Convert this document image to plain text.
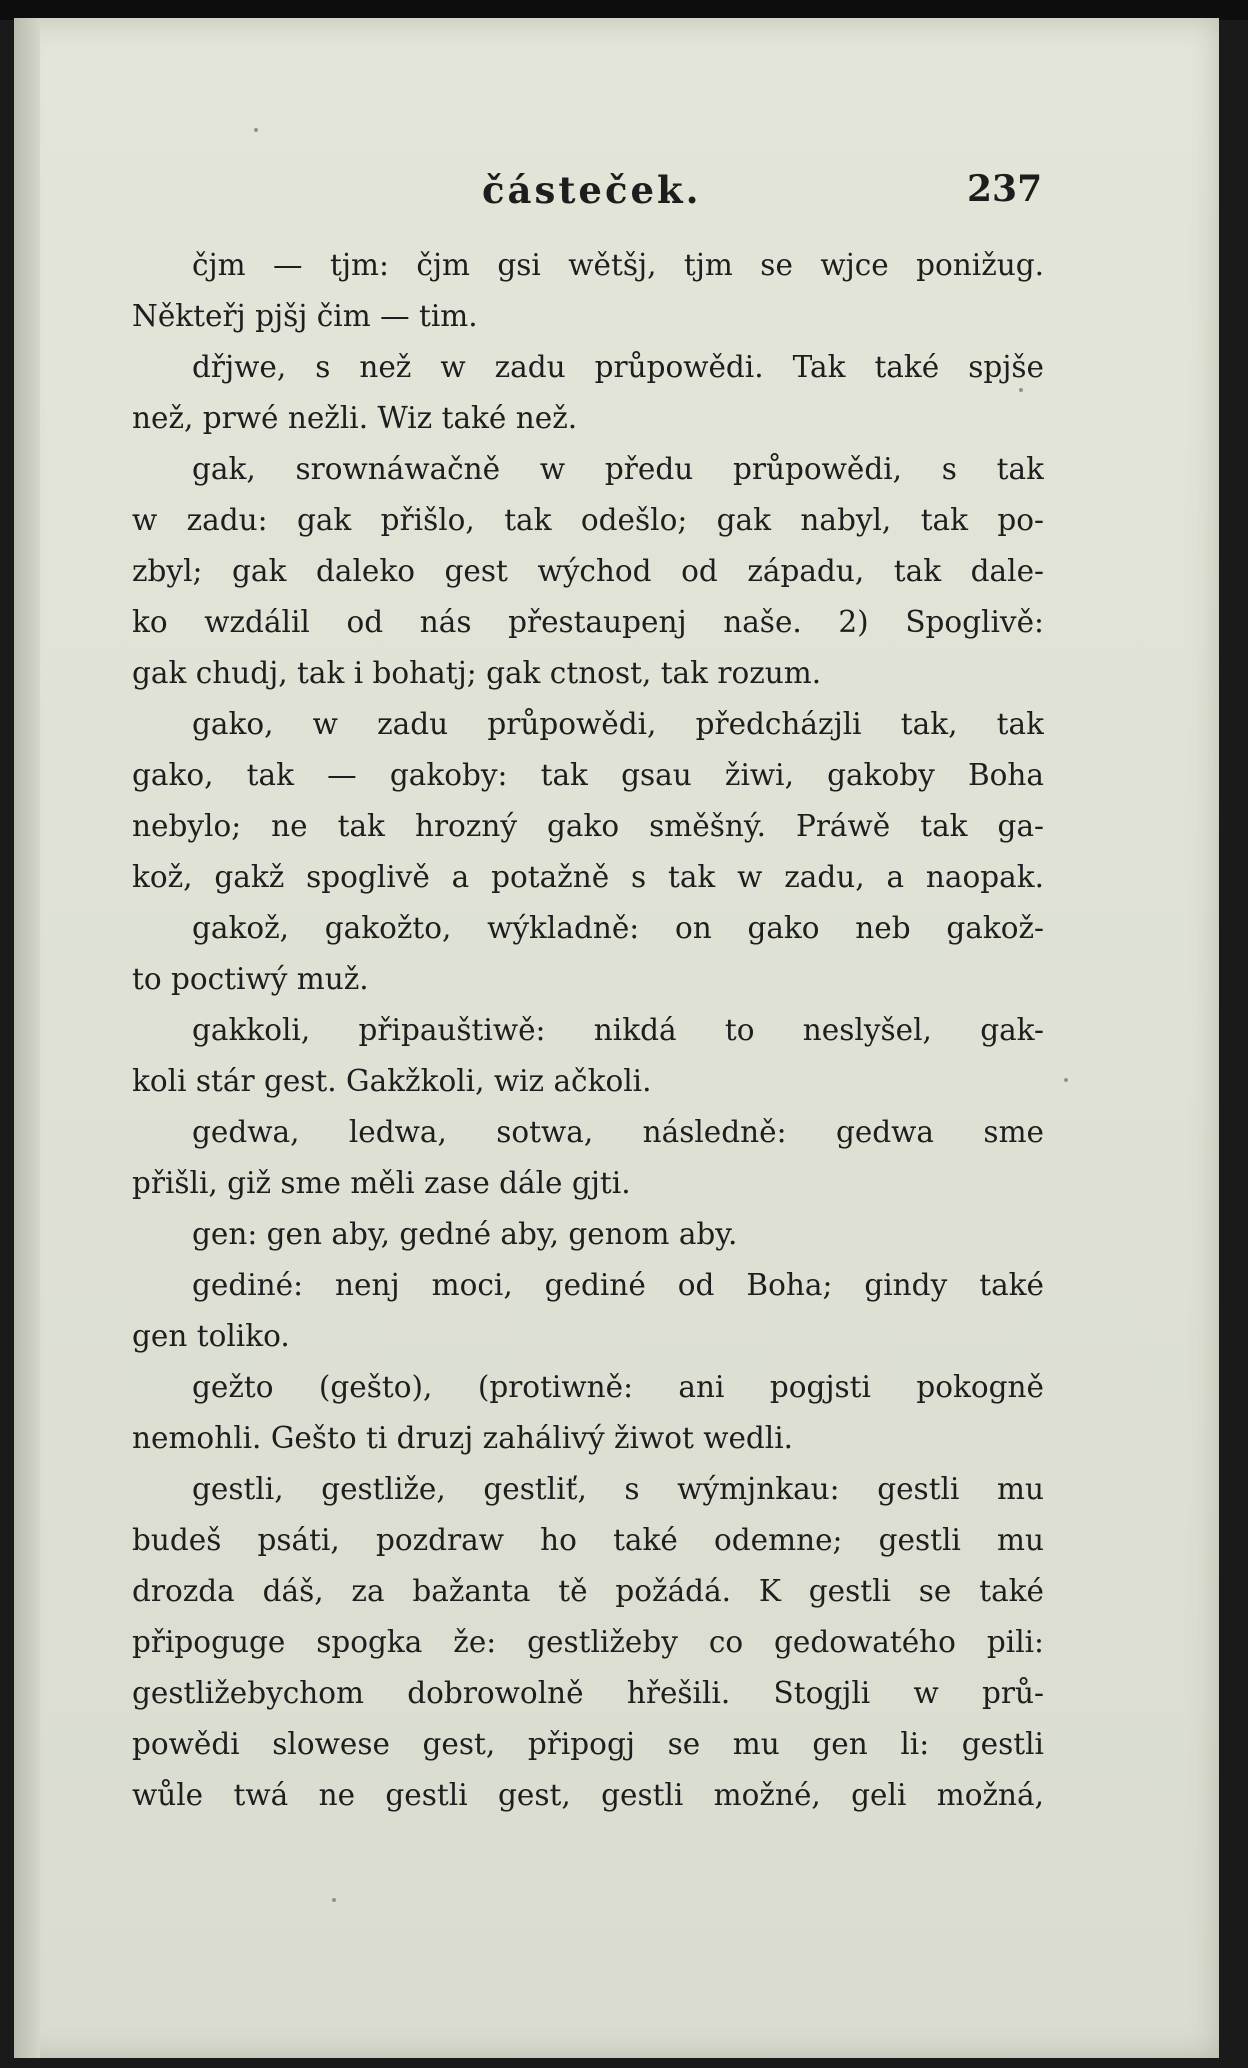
částeček.	237
čjm — tjm: čjm gsi wětšj, tjm se wjce ponižug.
Někteřj pjšj čim — tim.
dřjwe, s než w zadu průpowědi. Tak také spjše
než, prwé nežli. Wiz také než.
gak, srownáwačně w předu průpowědi, s tak
w zadu: gak přišlo, tak odešlo; gak nabyl, tak po-
zbyl; gak daleko gest wýchod od západu, tak dale-
ko wzdálil od nás přestaupenj naše. 2) Spoglivě:
gak chudj, tak i bohatj; gak ctnost, tak rozum.
gako, w zadu průpowědi, předcházjli tak, tak
gako, tak — gakoby: tak gsau žiwi, gakoby Boha
nebylo; ne tak hrozný gako směšný. Práwě tak ga-
kož, gakž spoglivě a potažně s tak w zadu, a naopak.
gakož, gakožto, wýkladně: on gako neb gakož-
to poctiwý muž.
gakkoli, připauštiwě: nikdá to neslyšel, gak-
koli stár gest. Gakžkoli, wiz ačkoli.
gedwa, ledwa, sotwa, následně: gedwa sme
přišli, giž sme měli zase dále gjti.
gen: gen aby, gedné aby, genom aby.
gediné: nenj moci, gediné od Boha; gindy také
gen toliko.
gežto (gešto), (protiwně: ani pogjsti pokogně
nemohli. Gešto ti druzj zahálivý žiwot wedli.
gestli, gestliže, gestliť, s wýmjnkau: gestli mu
budeš psáti, pozdraw ho také odemne; gestli mu
drozda dáš, za bažanta tě požádá. K gestli se také
připoguge spogka že: gestližeby co gedowatého pili:
gestližebychom dobrowolně hřešili. Stogjli w prů-
powědi slowese gest, připogj se mu gen li: gestli
wůle twá ne gestli gest, gestli možné, geli možná,
